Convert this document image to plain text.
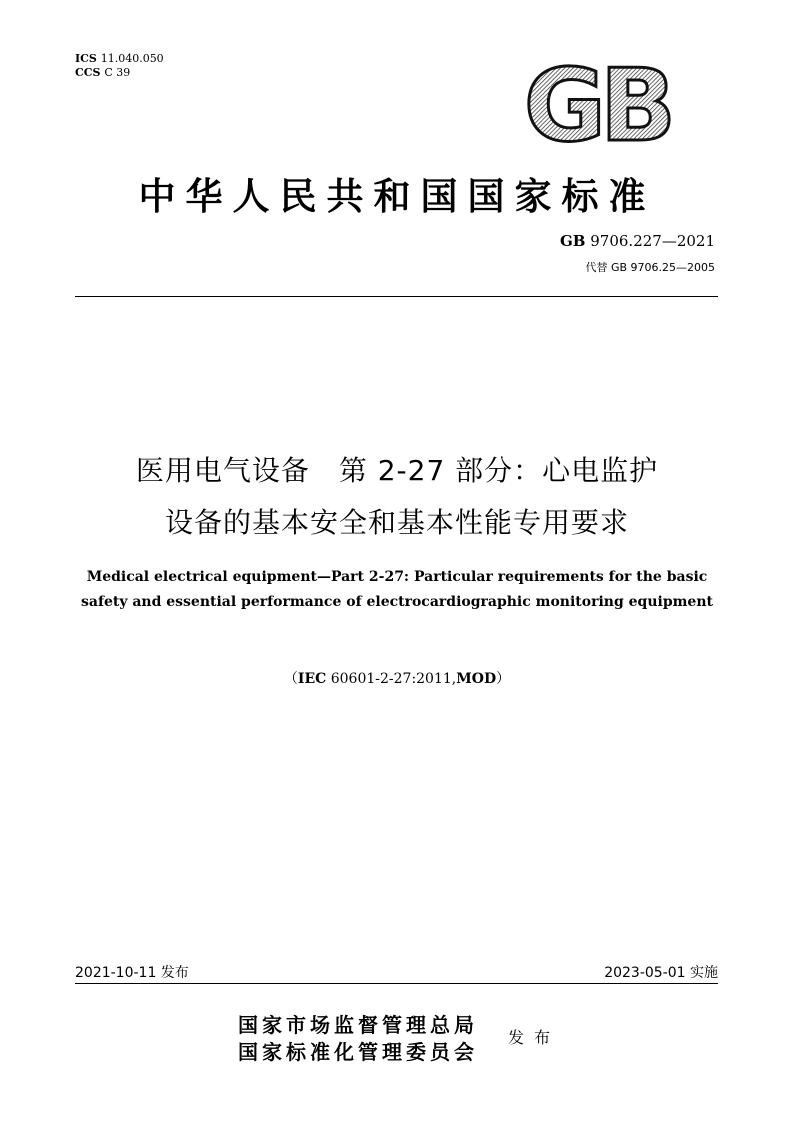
ICS 11.040.050
CCS C 39	GB
中华人民共和国国家标准
GB 9706.227—2021
代替 GB 9706.25—2005
医用电气设备　第 2-27 部分：心电监护
设备的基本安全和基本性能专用要求
Medical electrical equipment—Part 2-27: Particular requirements for the basic
safety and essential performance of electrocardiographic monitoring equipment
（IEC 60601-2-27:2011,MOD）
2021-10-11 发布	2023-05-01 实施
国家市场监督管理总局
国家标准化管理委员会
发布
